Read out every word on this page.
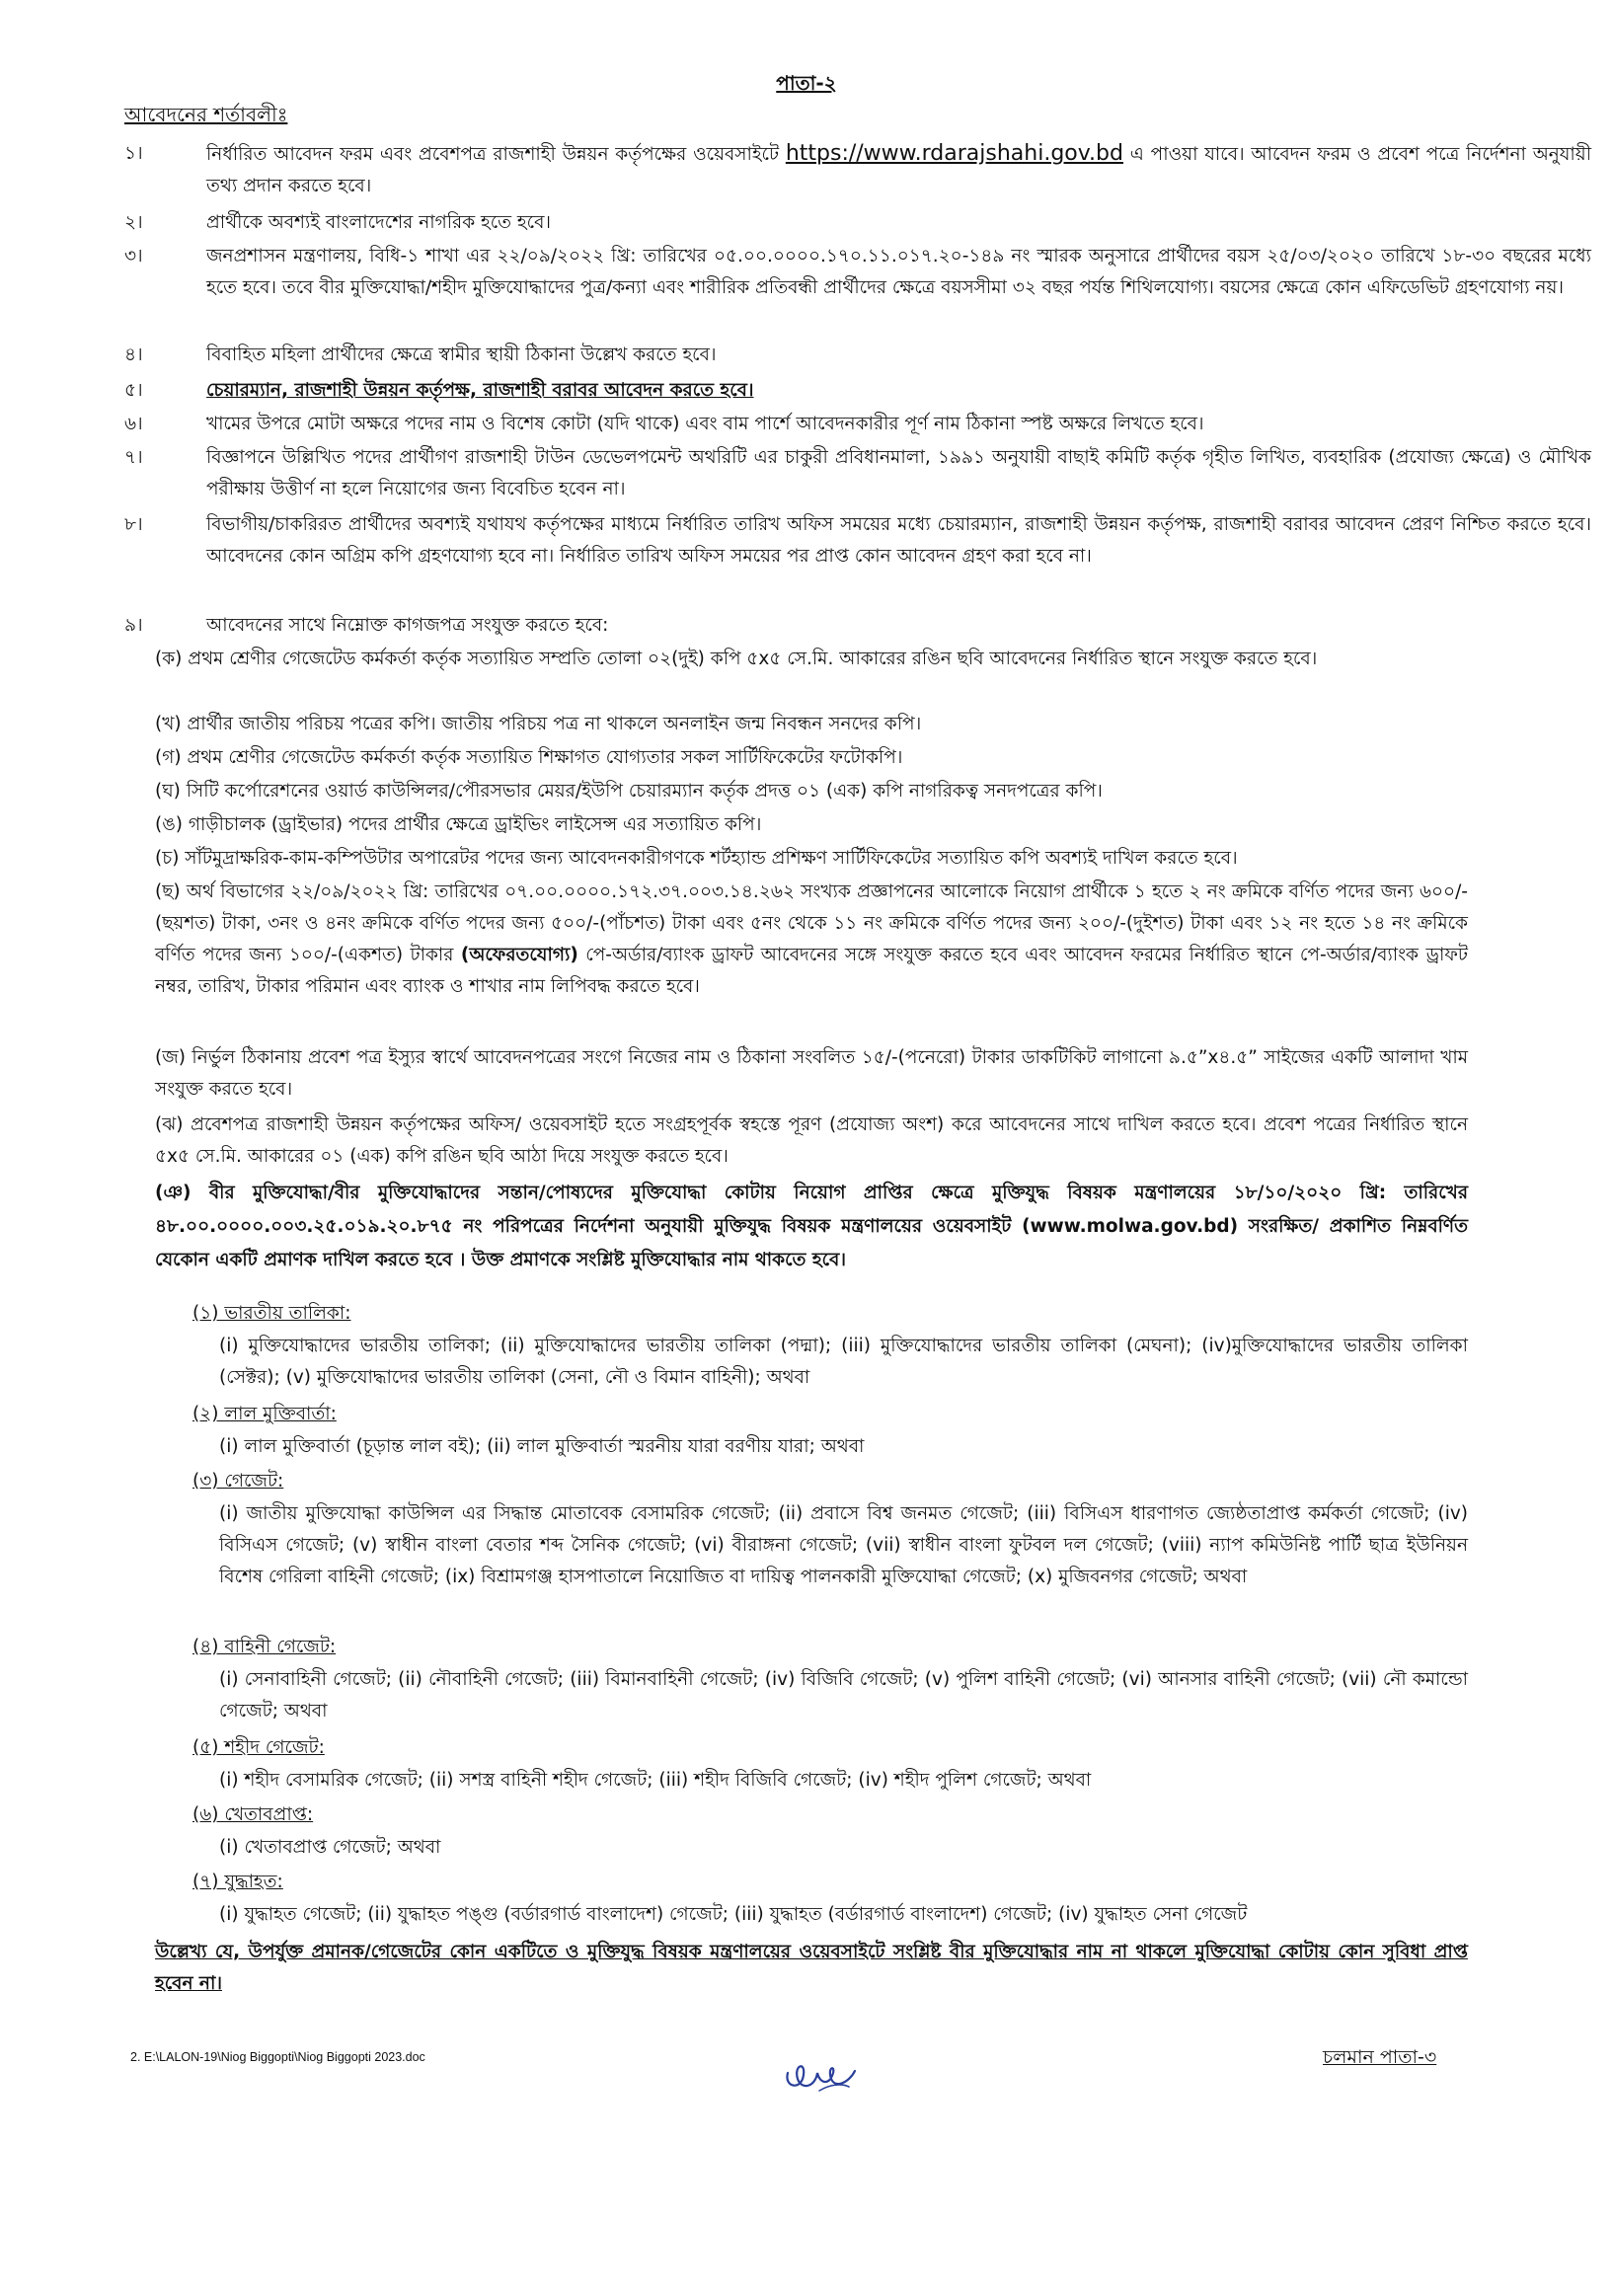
পাতা-২
আবেদনের শর্তাবলীঃ
১।	নির্ধারিত আবেদন ফরম এবং প্রবেশপত্র রাজশাহী উন্নয়ন কর্তৃপক্ষের ওয়েবসাইটে https://www.rdarajshahi.gov.bd এ পাওয়া যাবে। আবেদন ফরম ও প্রবেশ পত্রে নির্দেশনা অনুযায়ী তথ্য প্রদান করতে হবে।
২।	প্রার্থীকে অবশ্যই বাংলাদেশের নাগরিক হতে হবে।
৩।	জনপ্রশাসন মন্ত্রণালয়, বিধি-১ শাখা এর ২২/০৯/২০২২ খ্রি: তারিখের ০৫.০০.০০০০.১৭০.১১.০১৭.২০-১৪৯ নং স্মারক অনুসারে প্রার্থীদের বয়স ২৫/০৩/২০২০ তারিখে ১৮-৩০ বছরের মধ্যে হতে হবে। তবে বীর মুক্তিযোদ্ধা/শহীদ মুক্তিযোদ্ধাদের পুত্র/কন্যা এবং শারীরিক প্রতিবন্ধী প্রার্থীদের ক্ষেত্রে বয়সসীমা ৩২ বছর পর্যন্ত শিথিলযোগ্য। বয়সের ক্ষেত্রে কোন এফিডেভিট গ্রহণযোগ্য নয়।
৪।	বিবাহিত মহিলা প্রার্থীদের ক্ষেত্রে স্বামীর স্থায়ী ঠিকানা উল্লেখ করতে হবে।
৫।	চেয়ারম্যান, রাজশাহী উন্নয়ন কর্তৃপক্ষ, রাজশাহী বরাবর আবেদন করতে হবে।
৬।	খামের উপরে মোটা অক্ষরে পদের নাম ও বিশেষ কোটা (যদি থাকে) এবং বাম পার্শে আবেদনকারীর পূর্ণ নাম ঠিকানা স্পষ্ট অক্ষরে লিখতে হবে।
৭।	বিজ্ঞাপনে উল্লিখিত পদের প্রার্থীগণ রাজশাহী টাউন ডেভেলপমেন্ট অথরিটি এর চাকুরী প্রবিধানমালা, ১৯৯১ অনুযায়ী বাছাই কমিটি কর্তৃক গৃহীত লিখিত, ব্যবহারিক (প্রযোজ্য ক্ষেত্রে) ও মৌখিক পরীক্ষায় উত্তীর্ণ না হলে নিয়োগের জন্য বিবেচিত হবেন না।
৮।	বিভাগীয়/চাকরিরত প্রার্থীদের অবশ্যই যথাযথ কর্তৃপক্ষের মাধ্যমে নির্ধারিত তারিখ অফিস সময়ের মধ্যে চেয়ারম্যান, রাজশাহী উন্নয়ন কর্তৃপক্ষ, রাজশাহী বরাবর আবেদন প্রেরণ নিশ্চিত করতে হবে। আবেদনের কোন অগ্রিম কপি গ্রহণযোগ্য হবে না। নির্ধারিত তারিখ অফিস সময়ের পর প্রাপ্ত কোন আবেদন গ্রহণ করা হবে না।
৯।	আবেদনের সাথে নিম্নোক্ত কাগজপত্র সংযুক্ত করতে হবে:
(ক) প্রথম শ্রেণীর গেজেটেড কর্মকর্তা কর্তৃক সত্যায়িত সম্প্রতি তোলা ০২(দুই) কপি ৫x৫ সে.মি. আকারের রঙিন ছবি আবেদনের নির্ধারিত স্থানে সংযুক্ত করতে হবে।
(খ) প্রার্থীর জাতীয় পরিচয় পত্রের কপি। জাতীয় পরিচয় পত্র না থাকলে অনলাইন জন্ম নিবন্ধন সনদের কপি।
(গ) প্রথম শ্রেণীর গেজেটেড কর্মকর্তা কর্তৃক সত্যায়িত শিক্ষাগত যোগ্যতার সকল সার্টিফিকেটের ফটোকপি।
(ঘ) সিটি কর্পোরেশনের ওয়ার্ড কাউন্সিলর/পৌরসভার মেয়র/ইউপি চেয়ারম্যান কর্তৃক প্রদত্ত ০১ (এক) কপি নাগরিকত্ব সনদপত্রের কপি।
(ঙ) গাড়ীচালক (ড্রাইভার) পদের প্রার্থীর ক্ষেত্রে ড্রাইভিং লাইসেন্স এর সত্যায়িত কপি।
(চ) সাঁটমুদ্রাক্ষরিক-কাম-কম্পিউটার অপারেটর পদের জন্য আবেদনকারীগণকে শর্টহ্যান্ড প্রশিক্ষণ সার্টিফিকেটের সত্যায়িত কপি অবশ্যই দাখিল করতে হবে।
(ছ) অর্থ বিভাগের ২২/০৯/২০২২ খ্রি: তারিখের ০৭.০০.০০০০.১৭২.৩৭.০০৩.১৪.২৬২ সংখ্যক প্রজ্ঞাপনের আলোকে নিয়োগ প্রার্থীকে ১ হতে ২ নং ক্রমিকে বর্ণিত পদের জন্য ৬০০/-(ছয়শত) টাকা, ৩নং ও ৪নং ক্রমিকে বর্ণিত পদের জন্য ৫০০/-(পাঁচশত) টাকা এবং ৫নং থেকে ১১ নং ক্রমিকে বর্ণিত পদের জন্য ২০০/-(দুইশত) টাকা এবং ১২ নং হতে ১৪ নং ক্রমিকে বর্ণিত পদের জন্য ১০০/-(একশত) টাকার (অফেরতযোগ্য) পে-অর্ডার/ব্যাংক ড্রাফট আবেদনের সঙ্গে সংযুক্ত করতে হবে এবং আবেদন ফরমের নির্ধারিত স্থানে পে-অর্ডার/ব্যাংক ড্রাফট নম্বর, তারিখ, টাকার পরিমান এবং ব্যাংক ও শাখার নাম লিপিবদ্ধ করতে হবে।
(জ) নির্ভুল ঠিকানায় প্রবেশ পত্র ইস্যুর স্বার্থে আবেদনপত্রের সংগে নিজের নাম ও ঠিকানা সংবলিত ১৫/-(পনেরো) টাকার ডাকটিকিট লাগানো ৯.৫”x৪.৫” সাইজের একটি আলাদা খাম সংযুক্ত করতে হবে।
(ঝ) প্রবেশপত্র রাজশাহী উন্নয়ন কর্তৃপক্ষের অফিস/ ওয়েবসাইট হতে সংগ্রহপূর্বক স্বহস্তে পূরণ (প্রযোজ্য অংশ) করে আবেদনের সাথে দাখিল করতে হবে। প্রবেশ পত্রের নির্ধারিত স্থানে ৫x৫ সে.মি. আকারের ০১ (এক) কপি রঙিন ছবি আঠা দিয়ে সংযুক্ত করতে হবে।
(ঞ) বীর মুক্তিযোদ্ধা/বীর মুক্তিযোদ্ধাদের সন্তান/পোষ্যদের মুক্তিযোদ্ধা কোটায় নিয়োগ প্রাপ্তির ক্ষেত্রে মুক্তিযুদ্ধ বিষয়ক মন্ত্রণালয়ের ১৮/১০/২০২০ খ্রি: তারিখের ৪৮.০০.০০০০.০০৩.২৫.০১৯.২০.৮৭৫ নং পরিপত্রের নির্দেশনা অনুযায়ী মুক্তিযুদ্ধ বিষয়ক মন্ত্রণালয়ের ওয়েবসাইট (www.molwa.gov.bd) সংরক্ষিত/ প্রকাশিত নিম্নবর্ণিত যেকোন একটি প্রমাণক দাখিল করতে হবে । উক্ত প্রমাণকে সংশ্লিষ্ট মুক্তিযোদ্ধার নাম থাকতে হবে।
(১) ভারতীয় তালিকা:
(i) মুক্তিযোদ্ধাদের ভারতীয় তালিকা; (ii) মুক্তিযোদ্ধাদের ভারতীয় তালিকা (পদ্মা); (iii) মুক্তিযোদ্ধাদের ভারতীয় তালিকা (মেঘনা); (iv)মুক্তিযোদ্ধাদের ভারতীয় তালিকা (সেক্টর); (v) মুক্তিযোদ্ধাদের ভারতীয় তালিকা (সেনা, নৌ ও বিমান বাহিনী); অথবা
(২) লাল মুক্তিবার্তা:
(i) লাল মুক্তিবার্তা (চূড়ান্ত লাল বই); (ii) লাল মুক্তিবার্তা স্মরনীয় যারা বরণীয় যারা; অথবা
(৩) গেজেট:
(i) জাতীয় মুক্তিযোদ্ধা কাউন্সিল এর সিদ্ধান্ত মোতাবেক বেসামরিক গেজেট; (ii) প্রবাসে বিশ্ব জনমত গেজেট; (iii) বিসিএস ধারণাগত জ্যেষ্ঠতাপ্রাপ্ত কর্মকর্তা গেজেট; (iv) বিসিএস গেজেট; (v) স্বাধীন বাংলা বেতার শব্দ সৈনিক গেজেট; (vi) বীরাঙ্গনা গেজেট; (vii) স্বাধীন বাংলা ফুটবল দল গেজেট; (viii) ন্যাপ কমিউনিষ্ট পার্টি ছাত্র ইউনিয়ন বিশেষ গেরিলা বাহিনী গেজেট; (ix) বিশ্রামগঞ্জ হাসপাতালে নিয়োজিত বা দায়িত্ব পালনকারী মুক্তিযোদ্ধা গেজেট; (x) মুজিবনগর গেজেট; অথবা
(৪) বাহিনী গেজেট:
(i) সেনাবাহিনী গেজেট; (ii) নৌবাহিনী গেজেট; (iii) বিমানবাহিনী গেজেট; (iv) বিজিবি গেজেট; (v) পুলিশ বাহিনী গেজেট; (vi) আনসার বাহিনী গেজেট; (vii) নৌ কমান্ডো গেজেট; অথবা
(৫) শহীদ গেজেট:
(i) শহীদ বেসামরিক গেজেট; (ii) সশস্ত্র বাহিনী শহীদ গেজেট; (iii) শহীদ বিজিবি গেজেট; (iv) শহীদ পুলিশ গেজেট; অথবা
(৬) খেতাবপ্রাপ্ত:
(i) খেতাবপ্রাপ্ত গেজেট; অথবা
(৭) যুদ্ধাহত:
(i) যুদ্ধাহত গেজেট; (ii) যুদ্ধাহত পঙ্গু (বর্ডারগার্ড বাংলাদেশ) গেজেট; (iii) যুদ্ধাহত (বর্ডারগার্ড বাংলাদেশ) গেজেট; (iv) যুদ্ধাহত সেনা গেজেট
উল্লেখ্য যে, উপর্যুক্ত প্রমানক/গেজেটের কোন একটিতে ও মুক্তিযুদ্ধ বিষয়ক মন্ত্রণালয়ের ওয়েবসাইটে সংশ্লিষ্ট বীর মুক্তিযোদ্ধার নাম না থাকলে মুক্তিযোদ্ধা কোটায় কোন সুবিধা প্রাপ্ত হবেন না।
চলমান পাতা-৩
2. E:\LALON-19\Niog Biggopti\Niog Biggopti 2023.doc
